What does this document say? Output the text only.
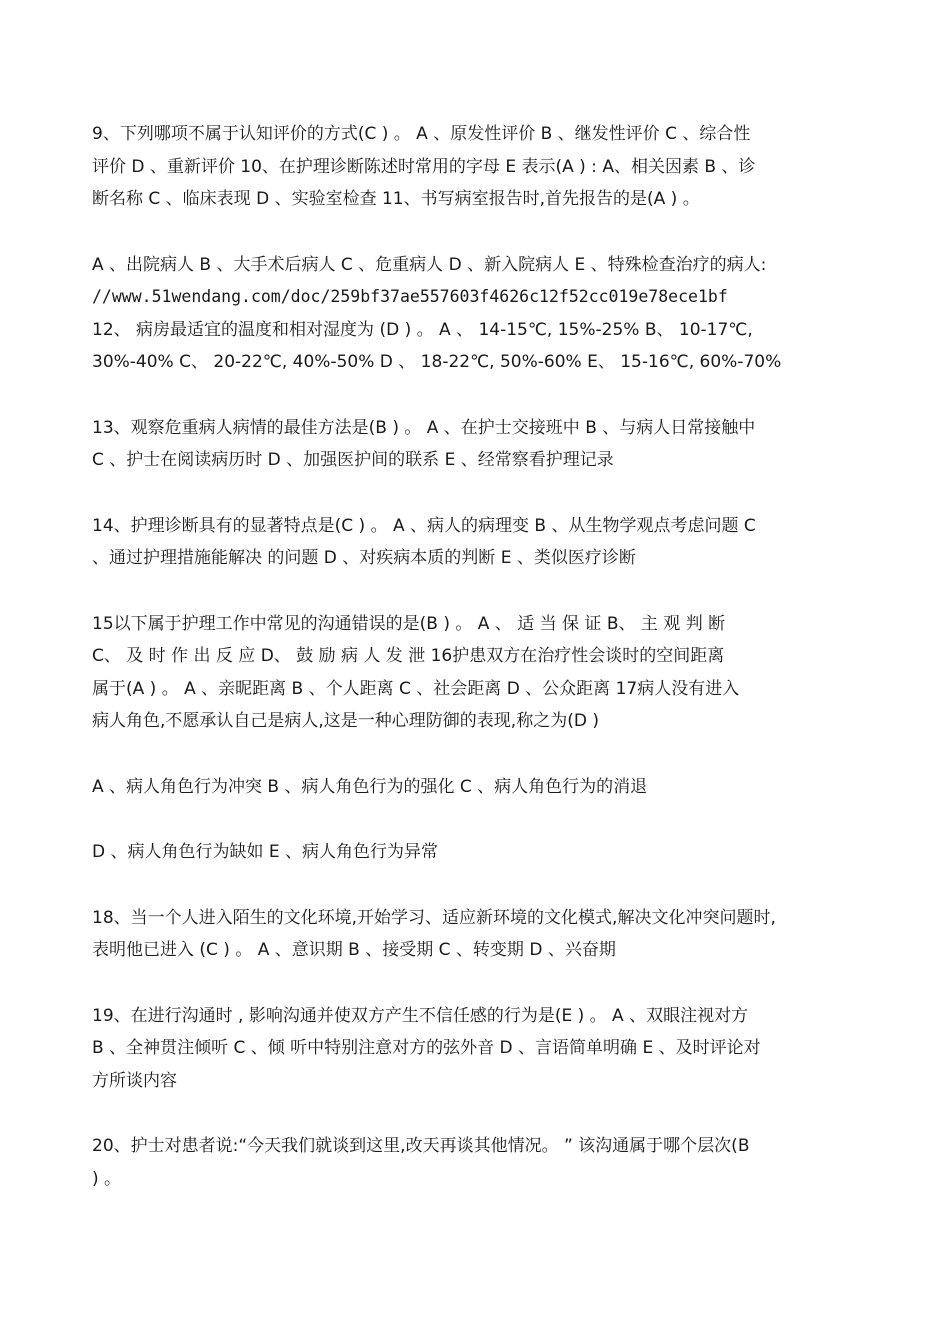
9、下列哪项不属于认知评价的方式(C ) 。 A 、原发性评价 B 、继发性评价 C 、综合性

评价 D 、重新评价 10、在护理诊断陈述时常用的字母 E 表示(A ) : A、相关因素 B 、诊

断名称 C 、临床表现 D 、实验室检查 11、书写病室报告时,首先报告的是(A ) 。

A 、出院病人 B 、大手术后病人 C 、危重病人 D 、新入院病人 E 、特殊检查治疗的病人:

//www.51wendang.com/doc/259bf37ae557603f4626c12f52cc019e78ece1bf

12、 病房最适宜的温度和相对湿度为 (D ) 。 A 、 14-15℃, 15%-25% B、 10-17℃,

30%-40% C、 20-22℃, 40%-50% D 、 18-22℃, 50%-60% E、 15-16℃, 60%-70%

13、观察危重病人病情的最佳方法是(B ) 。 A 、在护士交接班中 B 、与病人日常接触中

C 、护士在阅读病历时 D 、加强医护间的联系 E 、经常察看护理记录

14、护理诊断具有的显著特点是(C ) 。 A 、病人的病理变 B 、从生物学观点考虑问题 C

、通过护理措施能解决 的问题 D 、对疾病本质的判断 E 、类似医疗诊断

15以下属于护理工作中常见的沟通错误的是(B ) 。 A 、 适 当 保 证 B、 主 观 判 断

C、 及 时 作 出 反 应 D、 鼓 励 病 人 发 泄 16护患双方在治疗性会谈时的空间距离

属于(A ) 。 A 、亲昵距离 B 、个人距离 C 、社会距离 D 、公众距离 17病人没有进入

病人角色,不愿承认自己是病人,这是一种心理防御的表现,称之为(D )

A 、病人角色行为冲突 B 、病人角色行为的强化 C 、病人角色行为的消退

D 、病人角色行为缺如 E 、病人角色行为异常

18、当一个人进入陌生的文化环境,开始学习、适应新环境的文化模式,解决文化冲突问题时,

表明他已进入 (C ) 。 A 、意识期 B 、接受期 C 、转变期 D 、兴奋期

19、在进行沟通时 , 影响沟通并使双方产生不信任感的行为是(E ) 。 A 、双眼注视对方

B 、全神贯注倾听 C 、倾 听中特别注意对方的弦外音 D 、言语简单明确 E 、及时评论对

方所谈内容

20、护士对患者说:“今天我们就谈到这里,改天再谈其他情况。 ” 该沟通属于哪个层次(B

) 。
